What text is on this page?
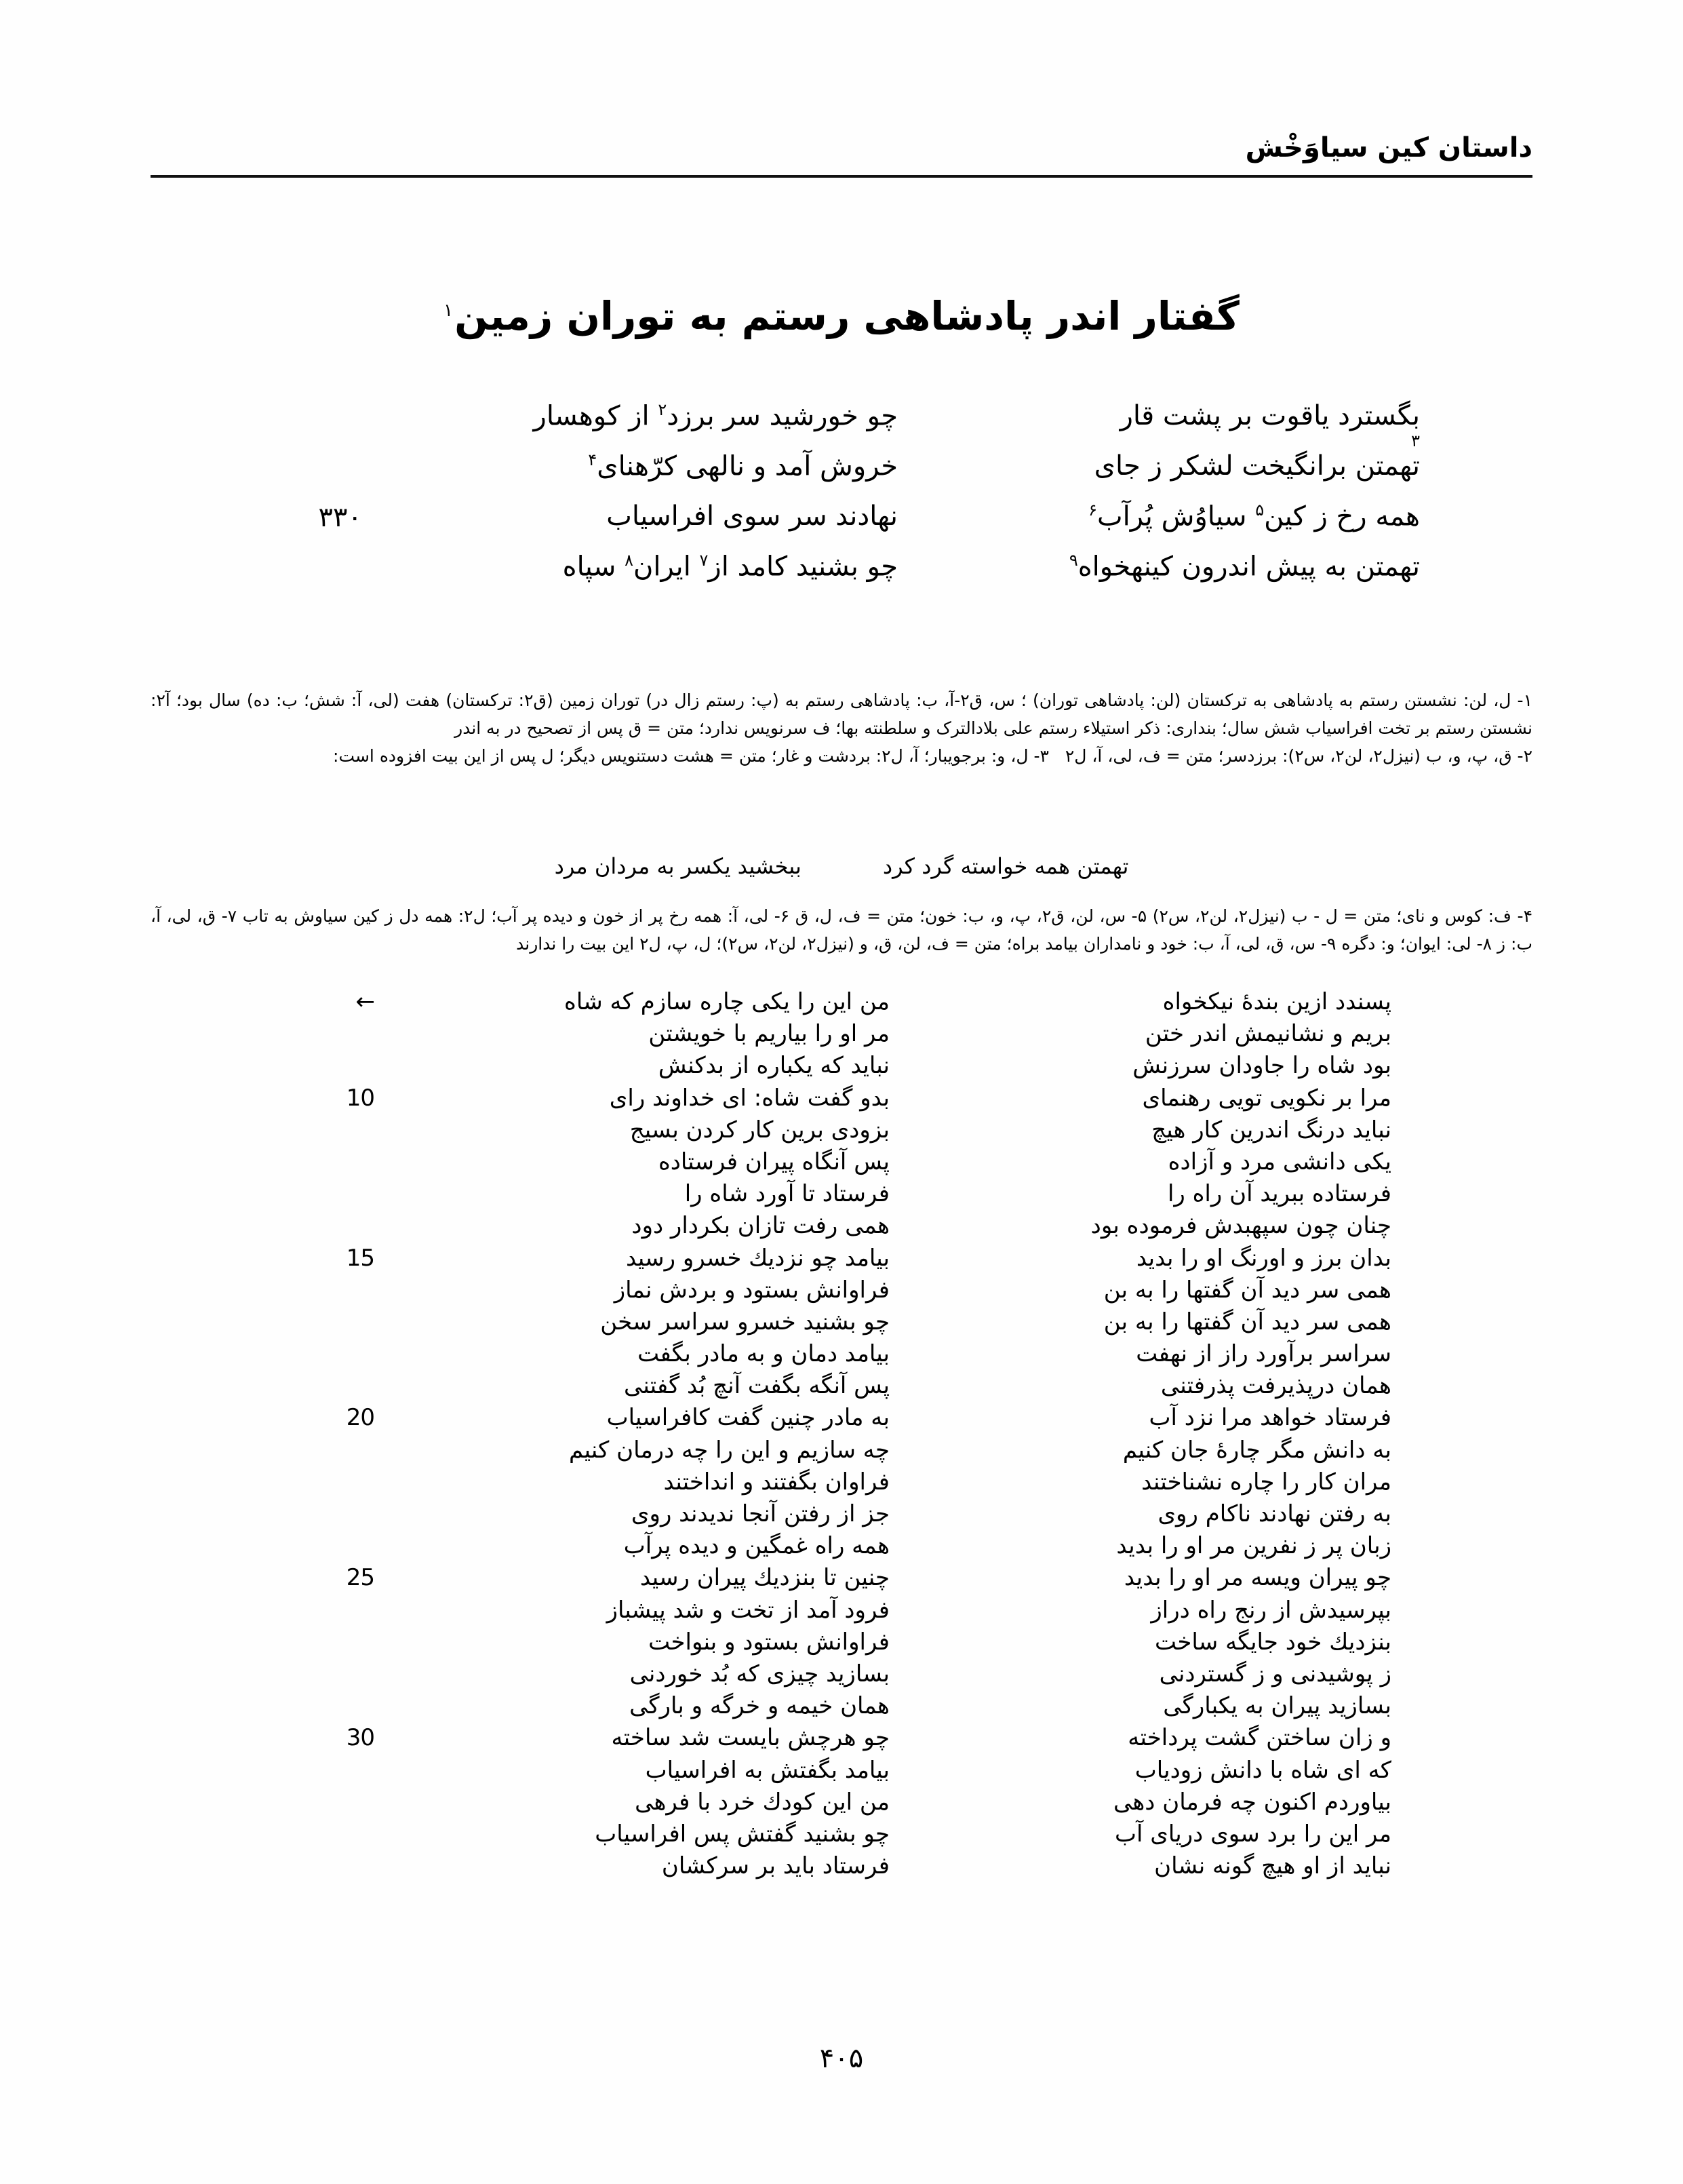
داستان کین سیاوَخْش
گفتار اندر پادشاهی رستم به توران زمین$^١$
بگسترد یاقوت بر پشت قار
$^٣$
چو خورشید سر برزد$^٢$ از کوهسار
تهمتن برانگیخت لشکر ز جای
خروش آمد و نالهی کرّهنای$^۴$
همه رخ ز کین$^۵$ سیاوُش پُرآب$^۶$
نهادند سر سوی افراسیاب
٣٣٠
تهمتن به پیش اندرون کینهخواه$^٩$
چو بشنید کامد از$^٧$ ایران$^٨$ سپاه
١- ل، لن: نشستن رستم به پادشاهی به ترکستان (لن: پادشاهی توران) ؛ س، ق٢-آ، ب: پادشاهی رستم به (پ: رستم زال در) توران زمین (ق٢: ترکستان) هفت (لی، آ: شش؛ ب: ده) سال بود؛ آ٢: نشستن رستم بر تخت افراسیاب شش سال؛ بنداری: ذکر استیلاء رستم علی بلادالترک و سلطنته بها؛ ف سرنویس ندارد؛ متن = ق پس از تصحیح در به اندر
٢- ق، پ، و، ب (نیزل٢، لن٢، س٢): برزدسر؛ متن = ف، لی، آ، ل٢   ٣- ل، و: برجویبار؛ آ، ل٢: بردشت و غار؛ متن = هشت دستنویس دیگر؛ ل پس از این بیت افزوده است:
تهمتن همه خواسته گرد کرد
ببخشید یکسر به مردان مرد
۴- ف: کوس و نای؛ متن = ل - ب (نیزل٢، لن٢، س٢) ۵- س، لن، ق٢، پ، و، ب: خون؛ متن = ف، ل، ق ۶- لی، آ: همه رخ پر از خون و دیده پر آب؛ ل٢: همه دل ز کین سیاوش به تاب ٧- ق، لی، آ، ب: ز ٨- لی: ایوان؛ و: دگره ٩- س، ق، لی، آ، ب: خود و نامداران بیامد براه؛ متن = ف، لن، ق، و (نیزل٢، لن٢، س٢)؛ ل، پ، ل٢ این بیت را ندارند
پسندد ازین بندهٔ نیکخواه
من این را یکی چاره سازم که شاه
←
بریم و نشانیمش اندر ختن
مر او را بیاریم با خویشتن
بود شاه را جاودان سرزنش
نباید که یکباره از بدکنش
مرا بر نکویی تویی رهنمای
بدو گفت شاه: ای خداوند رای
10
نباید درنگ اندرین کار هیچ
بزودی برین کار کردن بسیج
یکی دانشی مرد و آزاده
پس آنگاه پیران فرستاده
فرستاده ببرید آن راه را
فرستاد تا آورد شاه را
چنان چون سپهبدش فرموده بود
همی رفت تازان بکردار دود
بدان برز و اورنگ او را بدید
بیامد چو نزدیك خسرو رسید
15
همی سر دید آن گفتها را به بن
فراوانش بستود و بردش نماز
همی سر دید آن گفتها را به بن
چو بشنید خسرو سراسر سخن
سراسر برآورد راز از نهفت
بیامد دمان و به مادر بگفت
همان درپذیرفت پذرفتنی
پس آنگه بگفت آنچ بُد گفتنی
فرستاد خواهد مرا نزد آب
به مادر چنین گفت کافراسیاب
20
به دانش مگر چارهٔ جان کنیم
چه سازیم و این را چه درمان کنیم
مران کار را چاره نشناختند
فراوان بگفتند و انداختند
به رفتن نهادند ناکام روی
جز از رفتن آنجا ندیدند روی
زبان پر ز نفرین مر او را بدید
همه راه غمگین و دیده پرآب
چو پیران ویسه مر او را بدید
چنین تا بنزدیك پیران رسید
25
بپرسیدش از رنج راه دراز
فرود آمد از تخت و شد پیشباز
بنزدیك خود جایگه ساخت
فراوانش بستود و بنواخت
ز پوشیدنی و ز گستردنی
بسازید چیزی که بُد خوردنی
بسازید پیران به یکبارگی
همان خیمه و خرگه و بارگی
و زان ساختن گشت پرداخته
چو هرچش بایست شد ساخته
30
که ای شاه با دانش زودیاب
بیامد بگفتش به افراسیاب
بیاوردم اکنون چه فرمان دهی
من این کودك خرد با فرهی
مر این را برد سوی دریای آب
چو بشنید گفتش پس افراسیاب
نباید از او هیچ گونه نشان
فرستاد باید بر سرکشان
۴۰۵
